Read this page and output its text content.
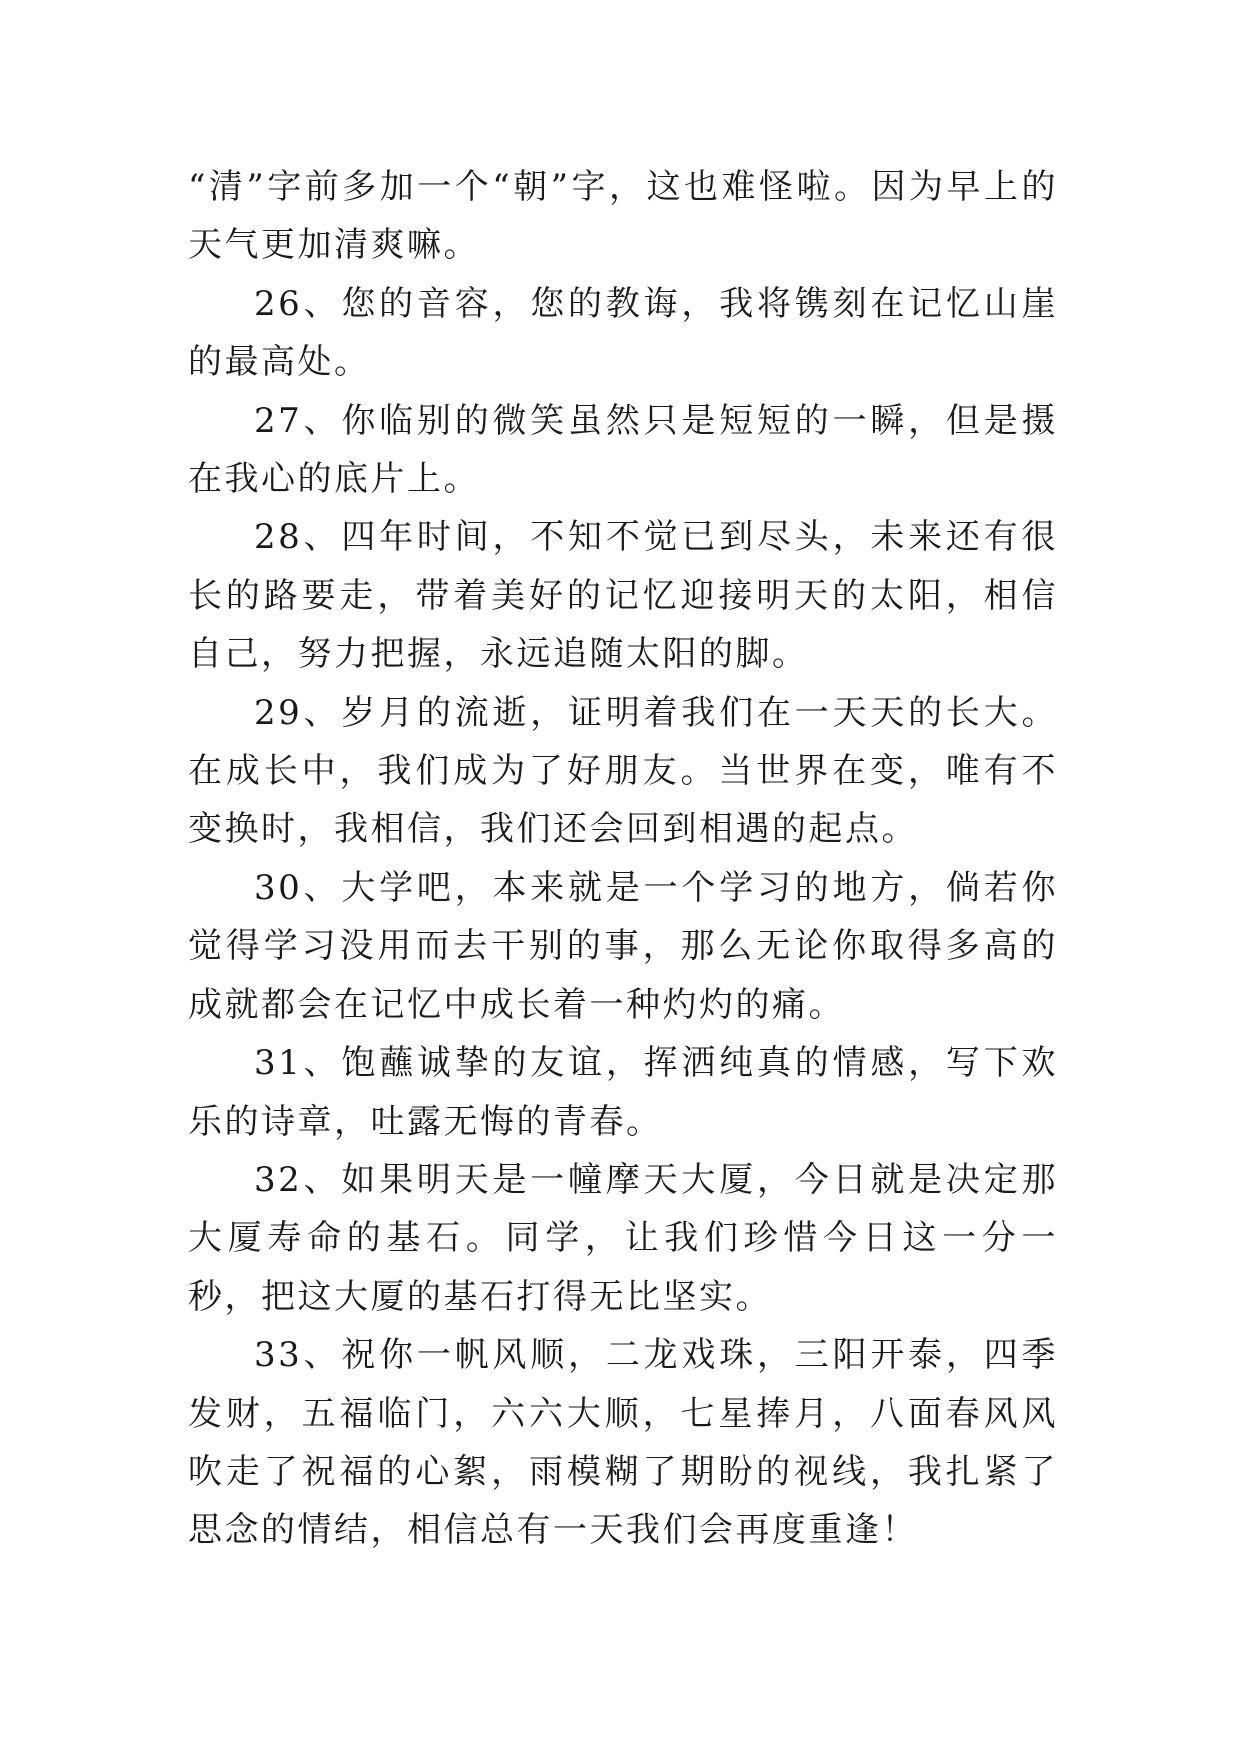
“清”字前多加一个“朝”字，这也难怪啦。因为早上的天气更加清爽嘛。

26、您的音容，您的教诲，我将镌刻在记忆山崖的最高处。

27、你临别的微笑虽然只是短短的一瞬，但是摄在我心的底片上。

28、四年时间，不知不觉已到尽头，未来还有很长的路要走，带着美好的记忆迎接明天的太阳，相信自己，努力把握，永远追随太阳的脚。

29、岁月的流逝，证明着我们在一天天的长大。在成长中，我们成为了好朋友。当世界在变，唯有不变换时，我相信，我们还会回到相遇的起点。

30、大学吧，本来就是一个学习的地方，倘若你觉得学习没用而去干别的事，那么无论你取得多高的成就都会在记忆中成长着一种灼灼的痛。

31、饱蘸诚挚的友谊，挥洒纯真的情感，写下欢乐的诗章，吐露无悔的青春。

32、如果明天是一幢摩天大厦，今日就是决定那大厦寿命的基石。同学，让我们珍惜今日这一分一秒，把这大厦的基石打得无比坚实。

33、祝你一帆风顺，二龙戏珠，三阳开泰，四季发财，五福临门，六六大顺，七星捧月，八面春风风吹走了祝福的心絮，雨模糊了期盼的视线，我扎紧了思念的情结，相信总有一天我们会再度重逢！
